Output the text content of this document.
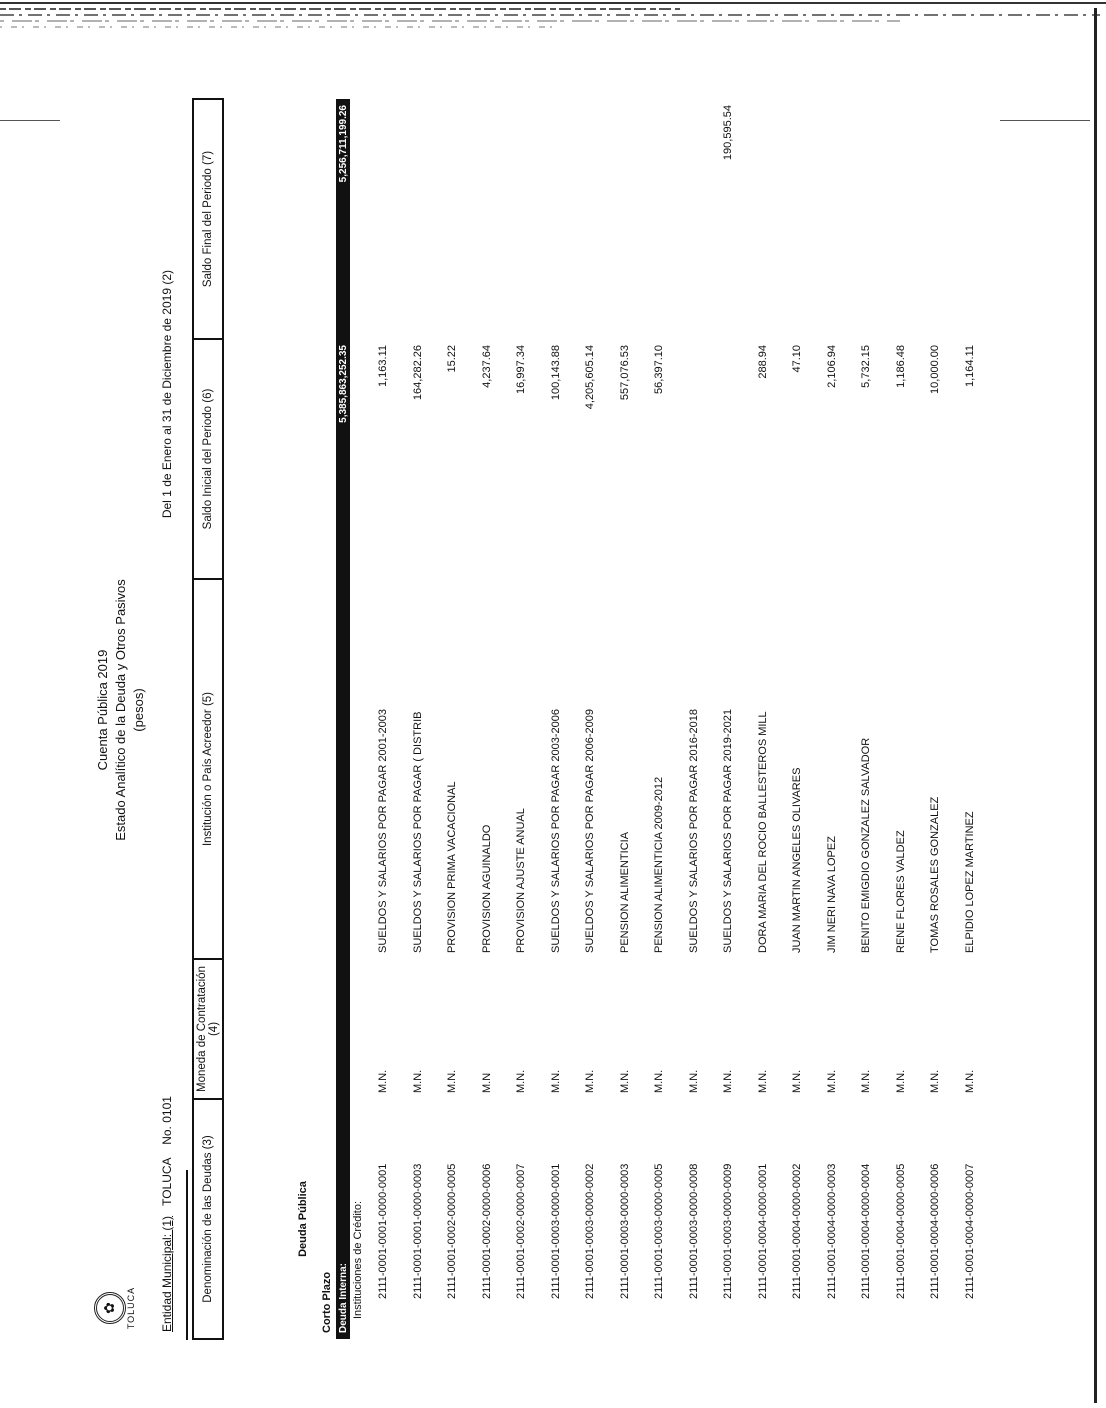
✿	TOLUCA
Cuenta Pública 2019 Estado Analítico de la Deuda y Otros Pasivos (pesos)
Entidad Municipal: (1)   TOLUCA    No. 0101
Del 1 de Enero al 31 de Diciembre de 2019 (2)
Denominación de las Deudas (3)	Moneda de Contratación (4)	Institución o País Acreedor (5)	Saldo Inicial del Periodo (6)	Saldo Final del Periodo (7)

Deuda Pública				
Corto Plazo				
Deuda Interna:			5,385,863,252.35	5,256,711,199.26
Instituciones de Crédito:				
2111-0001-0001-0000-0001	M.N.	SUELDOS Y SALARIOS POR PAGAR 2001-2003	1,163.11	
2111-0001-0001-0000-0003	M.N.	SUELDOS Y SALARIOS POR PAGAR ( DISTRIB	164,282.26	
2111-0001-0002-0000-0005	M.N.	PROVISION PRIMA VACACIONAL	15.22	
2111-0001-0002-0000-0006	M.N	PROVISION AGUINALDO	4,237.64	
2111-0001-0002-0000-0007	M.N.	PROVISION AJUSTE ANUAL	16,997.34	
2111-0001-0003-0000-0001	M.N.	SUELDOS Y SALARIOS POR PAGAR 2003-2006	100,143.88	
2111-0001-0003-0000-0002	M.N.	SUELDOS Y SALARIOS POR PAGAR 2006-2009	4,205,605.14	
2111-0001-0003-0000-0003	M.N.	PENSION ALIMENTICIA	557,076.53	
2111-0001-0003-0000-0005	M.N.	PENSION ALIMENTICIA 2009-2012	56,397.10	
2111-0001-0003-0000-0008	M.N.	SUELDOS Y SALARIOS POR PAGAR 2016-2018		
2111-0001-0003-0000-0009	M.N.	SUELDOS Y SALARIOS POR PAGAR 2019-2021		190,595.54
2111-0001-0004-0000-0001	M.N.	DORA MARIA DEL ROCIO BALLESTEROS MILL	288.94	
2111-0001-0004-0000-0002	M.N.	JUAN MARTIN ANGELES OLIVARES	47.10	
2111-0001-0004-0000-0003	M.N.	JIM NERI NAVA LOPEZ	2,106.94	
2111-0001-0004-0000-0004	M.N.	BENITO EMIGDIO GONZALEZ SALVADOR	5,732.15	
2111-0001-0004-0000-0005	M.N.	RENE FLORES VALDEZ	1,186.48	
2111-0001-0004-0000-0006	M.N.	TOMAS ROSALES GONZALEZ	10,000.00	
2111-0001-0004-0000-0007	M.N.	ELPIDIO LOPEZ MARTINEZ	1,164.11	
